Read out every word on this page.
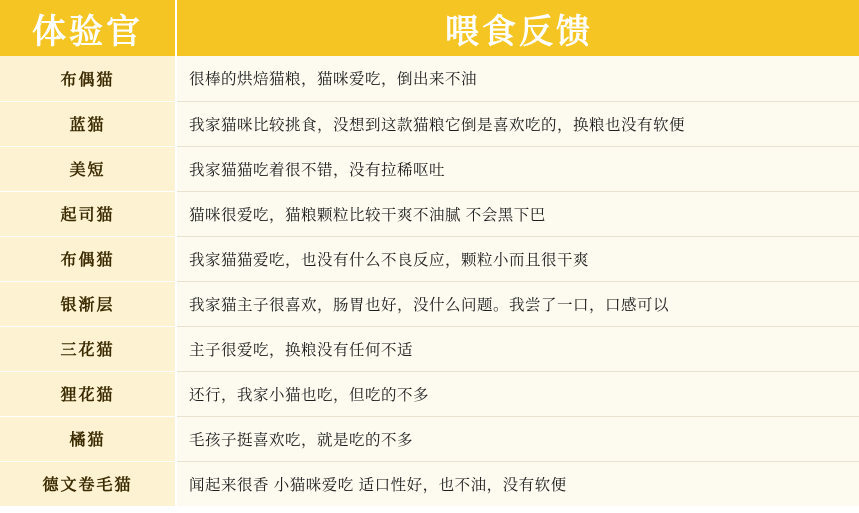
体验官	喂食反馈
布偶猫	很棒的烘焙猫粮，猫咪爱吃，倒出来不油
蓝猫	我家猫咪比较挑食，没想到这款猫粮它倒是喜欢吃的，换粮也没有软便
美短	我家猫猫吃着很不错，没有拉稀呕吐
起司猫	猫咪很爱吃，猫粮颗粒比较干爽不油腻 不会黑下巴
布偶猫	我家猫猫爱吃，也没有什么不良反应，颗粒小而且很干爽
银渐层	我家猫主子很喜欢，肠胃也好，没什么问题。我尝了一口，口感可以
三花猫	主子很爱吃，换粮没有任何不适
狸花猫	还行，我家小猫也吃，但吃的不多
橘猫	毛孩子挺喜欢吃，就是吃的不多
德文卷毛猫	闻起来很香 小猫咪爱吃 适口性好，也不油，没有软便
